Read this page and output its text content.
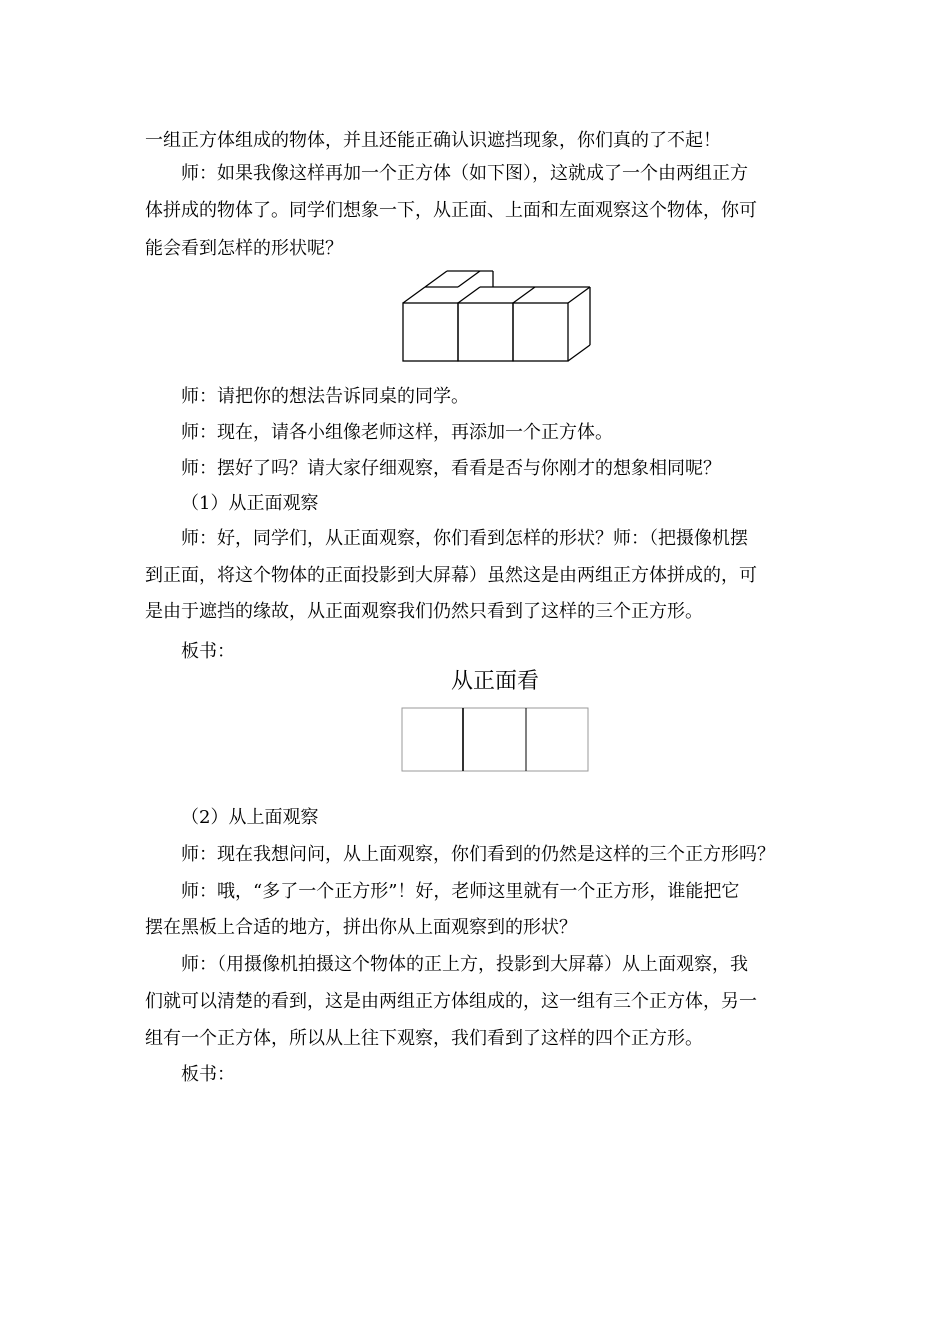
一组正方体组成的物体，并且还能正确认识遮挡现象，你们真的了不起！
师：如果我像这样再加一个正方体（如下图），这就成了一个由两组正方
体拼成的物体了。同学们想象一下，从正面、上面和左面观察这个物体，你可
能会看到怎样的形状呢？
师：请把你的想法告诉同桌的同学。
师：现在，请各小组像老师这样，再添加一个正方体。
师：摆好了吗？请大家仔细观察，看看是否与你刚才的想象相同呢？
（1）从正面观察
师：好，同学们，从正面观察，你们看到怎样的形状？师：（把摄像机摆
到正面，将这个物体的正面投影到大屏幕）虽然这是由两组正方体拼成的，可
是由于遮挡的缘故，从正面观察我们仍然只看到了这样的三个正方形。
板书：
从正面看
（2）从上面观察
师：现在我想问问，从上面观察，你们看到的仍然是这样的三个正方形吗？
师：哦，“多了一个正方形”！好，老师这里就有一个正方形，谁能把它
摆在黑板上合适的地方，拼出你从上面观察到的形状？
师：（用摄像机拍摄这个物体的正上方，投影到大屏幕）从上面观察，我
们就可以清楚的看到，这是由两组正方体组成的，这一组有三个正方体，另一
组有一个正方体，所以从上往下观察，我们看到了这样的四个正方形。
板书：
